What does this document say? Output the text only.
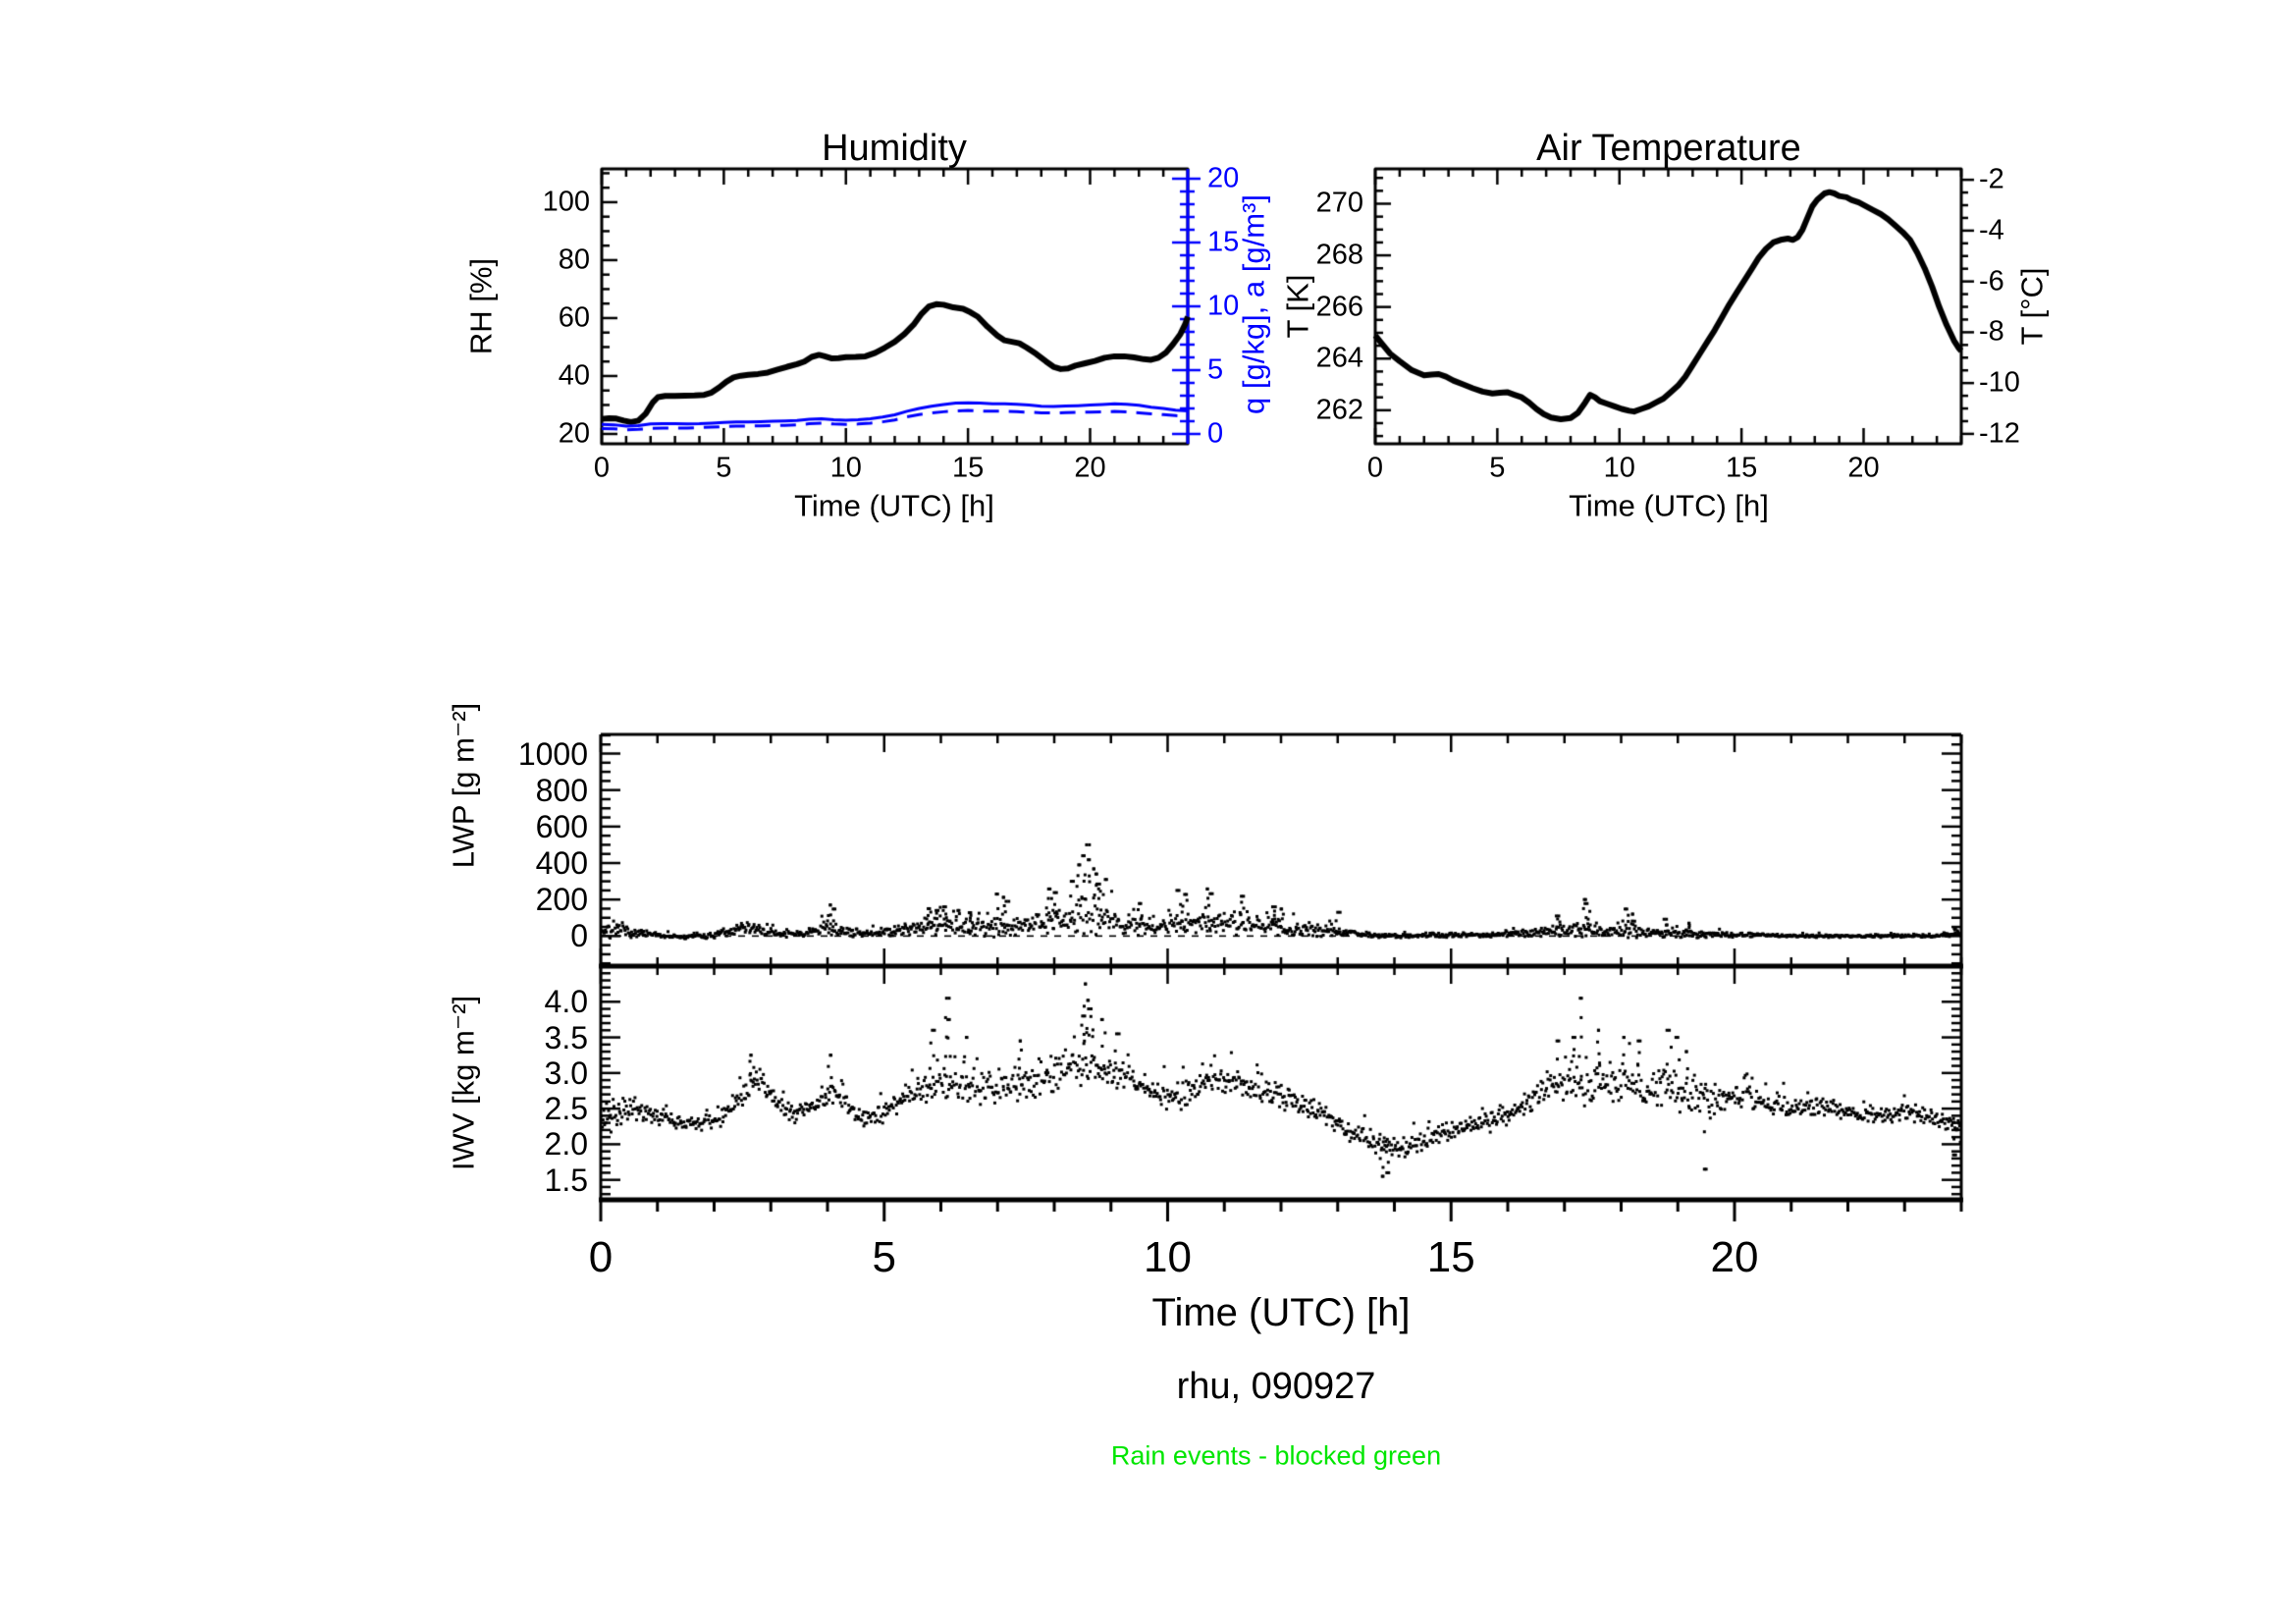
Humidity	Air Temperature
RH [%]	q [g/kg], a [g/m³] T [K]	T [°C]
LWP [g m⁻²]
IWV [kg m⁻²]
Time (UTC) [h]	Time (UTC) [h]
Time (UTC) [h]
rhu, 090927
Rain events - blocked green
100
80
60
40
20
20
15
10
5
0
0	5	10	15	20
270
268
266
264
262
-2
-4
-6
-8
-10
-12
0	5	10	15	20
1000
800
600
400
200
0
4.0
3.5
3.0
2.5
2.0
1.5
0	5	10	15	20
